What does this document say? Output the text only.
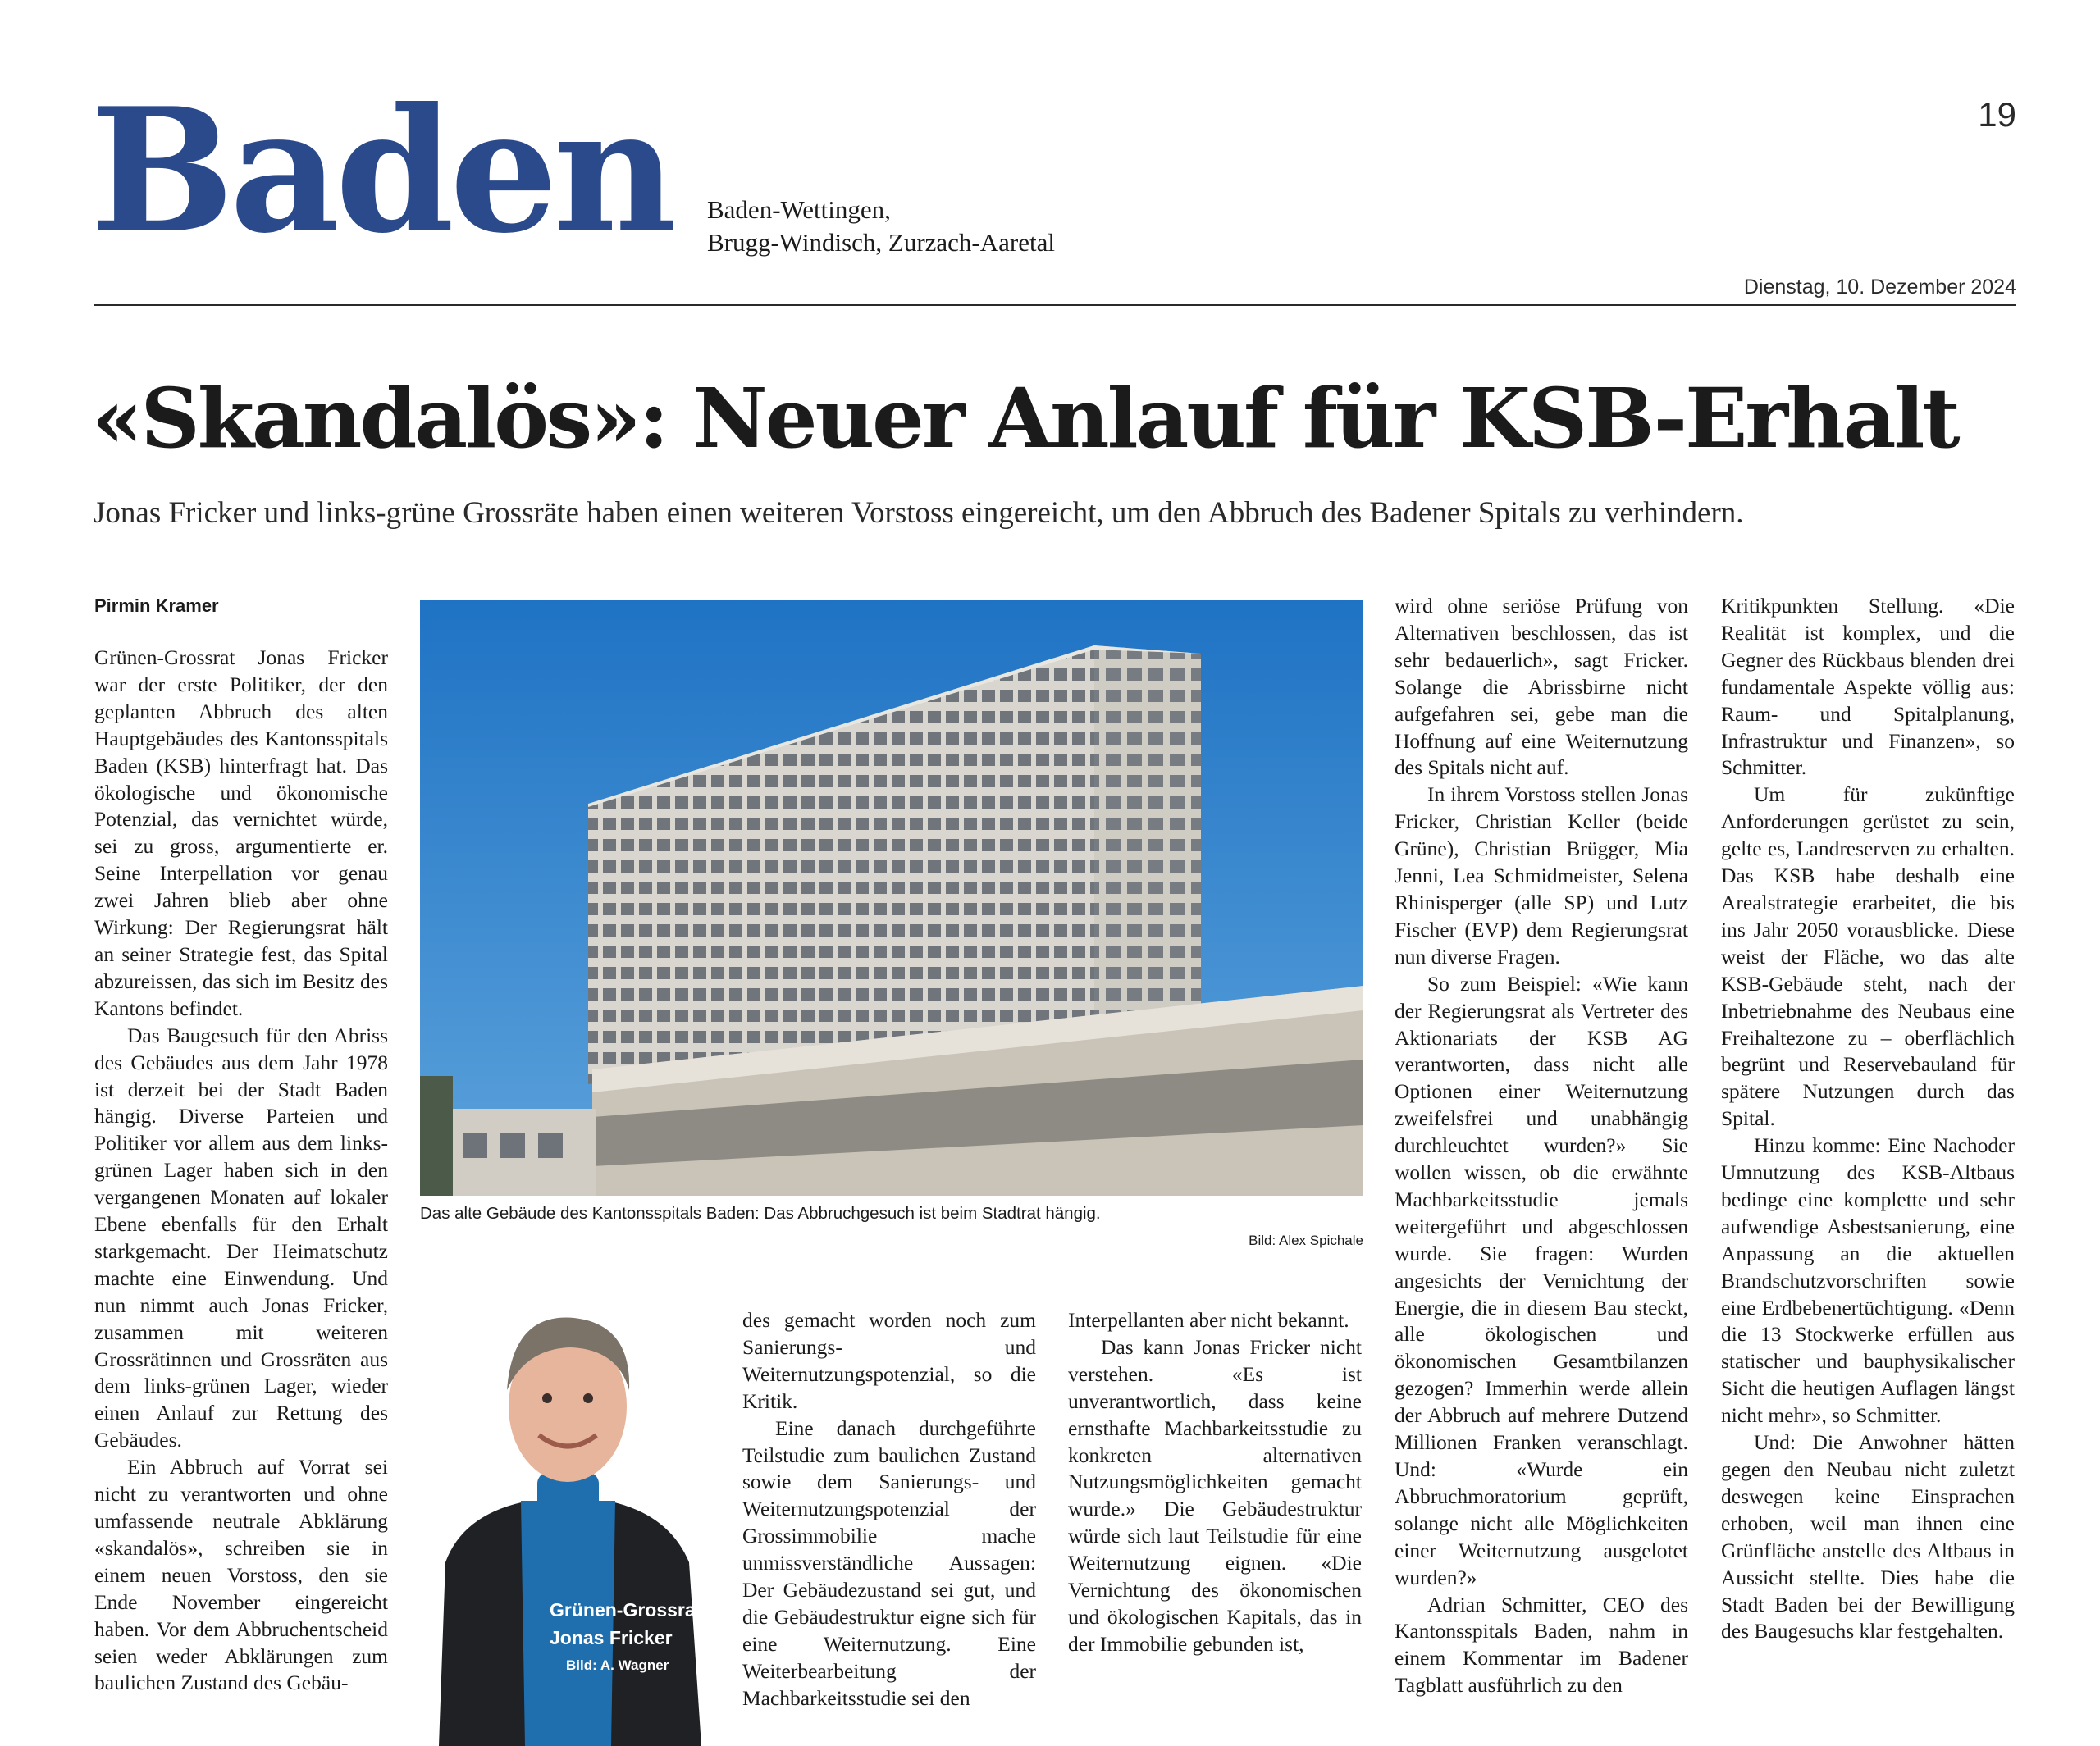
Baden Baden-Wettingen,
Brugg-Windisch, Zurzach-Aaretal
19
Dienstag, 10. Dezember 2024
«Skandalös»: Neuer Anlauf für KSB-Erhalt
Jonas Fricker und links-grüne Grossräte haben einen weiteren Vorstoss eingereicht, um den Abbruch des Badener Spitals zu verhindern.
Pirmin Kramer

Grünen-Grossrat Jonas Fricker war der erste Politiker, der den geplanten Abbruch des alten Hauptgebäudes des Kantonsspitals Baden (KSB) hinterfragt hat. Das ökologische und ökonomische Potenzial, das vernichtet würde, sei zu gross, argumentierte er. Seine Interpellation vor genau zwei Jahren blieb aber ohne Wirkung: Der Regierungsrat hält an seiner Strategie fest, das Spital abzureissen, das sich im Besitz des Kantons befindet.

Das Baugesuch für den Abriss des Gebäudes aus dem Jahr 1978 ist derzeit bei der Stadt Baden hängig. Diverse Parteien und Politiker vor allem aus dem links-grünen Lager haben sich in den vergangenen Monaten auf lokaler Ebene ebenfalls für den Erhalt starkgemacht. Der Heimatschutz machte eine Einwendung. Und nun nimmt auch Jonas Fricker, zusammen mit weiteren Grossrätinnen und Grossräten aus dem links-grünen Lager, wieder einen Anlauf zur Rettung des Gebäudes.

Ein Abbruch auf Vorrat sei nicht zu verantworten und ohne umfassende neutrale Abklärung «skandalös», schreiben sie in einem neuen Vorstoss, den sie Ende November eingereicht haben. Vor dem Abbruchentscheid seien weder Abklärungen zum baulichen Zustand des Gebäu-

Das alte Gebäude des Kantonsspitals Baden: Das Abbruchgesuch ist beim Stadtrat hängig.
Bild: Alex Spichale
Grünen-Grossrat
Jonas Fricker
Bild: A. Wagner

des gemacht worden noch zum Sanierungs- und Weiternutzungspotenzial, so die Kritik.

Eine danach durchgeführte Teilstudie zum baulichen Zustand sowie dem Sanierungs- und Weiternutzungspotenzial der Grossimmobilie mache unmissverständliche Aussagen: Der Gebäudezustand sei gut, und die Gebäudestruktur eigne sich für eine Weiternutzung. Eine Weiterbearbeitung der Machbarkeitsstudie sei den

Interpellanten aber nicht bekannt.

Das kann Jonas Fricker nicht verstehen. «Es ist unverantwortlich, dass keine ernsthafte Machbarkeitsstudie zu konkreten alternativen Nutzungsmöglichkeiten gemacht wurde.» Die Gebäudestruktur würde sich laut Teilstudie für eine Weiternutzung eignen. «Die Vernichtung des ökonomischen und ökologischen Kapitals, das in der Immobilie gebunden ist,

wird ohne seriöse Prüfung von Alternativen beschlossen, das ist sehr bedauerlich», sagt Fricker. Solange die Abrissbirne nicht aufgefahren sei, gebe man die Hoffnung auf eine Weiternutzung des Spitals nicht auf.

In ihrem Vorstoss stellen Jonas Fricker, Christian Keller (beide Grüne), Christian Brügger, Mia Jenni, Lea Schmidmeister, Selena Rhinisperger (alle SP) und Lutz Fischer (EVP) dem Regierungsrat nun diverse Fragen.

So zum Beispiel: «Wie kann der Regierungsrat als Vertreter des Aktionariats der KSB AG verantworten, dass nicht alle Optionen einer Weiternutzung zweifelsfrei und unabhängig durchleuchtet wurden?» Sie wollen wissen, ob die erwähnte Machbarkeitsstudie jemals weitergeführt und abgeschlossen wurde. Sie fragen: Wurden angesichts der Vernichtung der Energie, die in diesem Bau steckt, alle ökologischen und ökonomischen Gesamtbilanzen gezogen? Immerhin werde allein der Abbruch auf mehrere Dutzend Millionen Franken veranschlagt. Und: «Wurde ein Abbruchmoratorium geprüft, solange nicht alle Möglichkeiten einer Weiternutzung ausgelotet wurden?»

Adrian Schmitter, CEO des Kantonsspitals Baden, nahm in einem Kommentar im Badener Tagblatt ausführlich zu den

Kritikpunkten Stellung. «Die Realität ist komplex, und die Gegner des Rückbaus blenden drei fundamentale Aspekte völlig aus: Raum- und Spitalplanung, Infrastruktur und Finanzen», so Schmitter.

Um für zukünftige Anforderungen gerüstet zu sein, gelte es, Landreserven zu erhalten. Das KSB habe deshalb eine Arealstrategie erarbeitet, die bis ins Jahr 2050 vorausblicke. Diese weist der Fläche, wo das alte KSB-Gebäude steht, nach der Inbetriebnahme des Neubaus eine Freihaltezone zu – oberflächlich begrünt und Reservebauland für spätere Nutzungen durch das Spital.

Hinzu komme: Eine Nachoder Umnutzung des KSB-Altbaus bedinge eine komplette und sehr aufwendige Asbestsanierung, eine Anpassung an die aktuellen Brandschutzvorschriften sowie eine Erdbebenertüchtigung. «Denn die 13 Stockwerke erfüllen aus statischer und bauphysikalischer Sicht die heutigen Auflagen längst nicht mehr», so Schmitter.

Und: Die Anwohner hätten gegen den Neubau nicht zuletzt deswegen keine Einsprachen erhoben, weil man ihnen eine Grünfläche anstelle des Altbaus in Aussicht stellte. Dies habe die Stadt Baden bei der Bewilligung des Baugesuchs klar festgehalten.
